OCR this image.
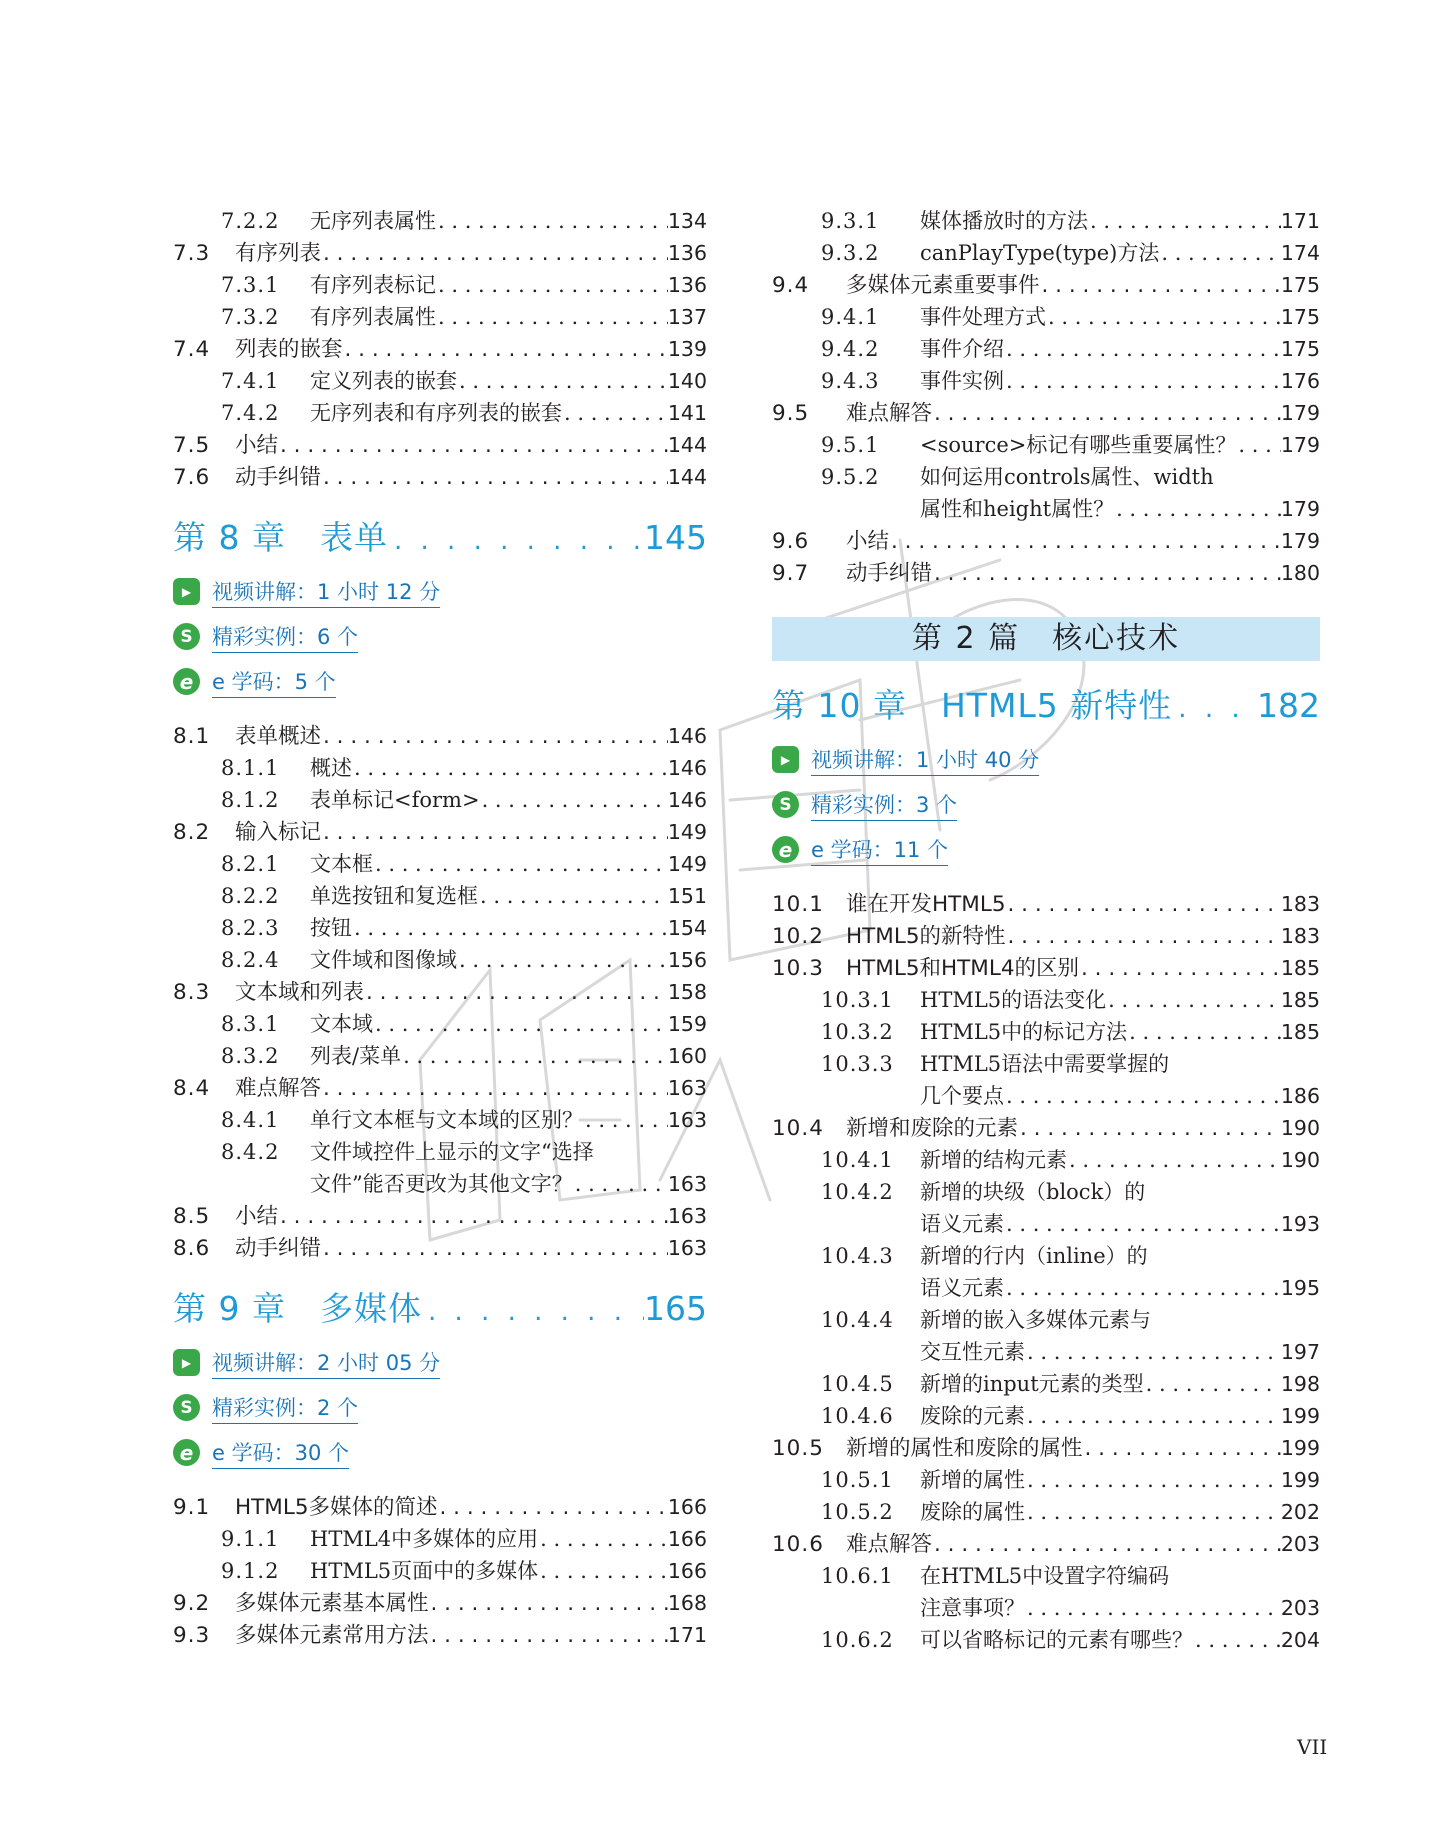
7.2.2	无序列表属性 . . .	134
7.3	有序列表 . . .	136
7.3.1	有序列表标记 . . .	136
7.3.2	有序列表属性 . . .	137
7.4	列表的嵌套 . . .	139
7.4.1	定义列表的嵌套 . . .	140
7.4.2	无序列表和有序列表的嵌套 . . .	141
7.5	小结 . . .	144
7.6	动手纠错 . . .	144
第 8 章　表单 . . .	145
▶ 视频讲解：1 小时 12 分
S 精彩实例：6 个
e e 学码：5 个
8.1	表单概述 . . .	146
8.1.1	概述 . . .	146
8.1.2	表单标记<form> . . .	146
8.2	输入标记 . . .	149
8.2.1	文本框 . . .	149
8.2.2	单选按钮和复选框 . . .	151
8.2.3	按钮 . . .	154
8.2.4	文件域和图像域 . . .	156
8.3	文本域和列表 . . .	158
8.3.1	文本域 . . .	159
8.3.2	列表/菜单 . . .	160
8.4	难点解答 . . .	163
8.4.1	单行文本框与文本域的区别？ . . .	163
8.4.2	文件域控件上显示的文字“选择
文件”能否更改为其他文字？ . . .	163
8.5	小结 . . .	163
8.6	动手纠错 . . .	163
第 9 章　多媒体 . . .	165
▶ 视频讲解：2 小时 05 分
S 精彩实例：2 个
e e 学码：30 个
9.1	HTML5多媒体的简述 . . .	166
9.1.1	HTML4中多媒体的应用 . . .	166
9.1.2	HTML5页面中的多媒体 . . .	166
9.2	多媒体元素基本属性 . . .	168
9.3	多媒体元素常用方法 . . .	171
9.3.1	媒体播放时的方法 . . .	171
9.3.2	canPlayType(type)方法 . . .	174
9.4	多媒体元素重要事件 . . .	175
9.4.1	事件处理方式 . . .	175
9.4.2	事件介绍 . . .	175
9.4.3	事件实例 . . .	176
9.5	难点解答 . . .	179
9.5.1	<source>标记有哪些重要属性？ . . . 179
9.5.2	如何运用controls属性、width
属性和height属性？ . . .	179
9.6	小结 . . .	179
9.7	动手纠错 . . .	180
第 2 篇　核心技术
第 10 章　HTML5 新特性 . . .	182
▶ 视频讲解：1 小时 40 分
S 精彩实例：3 个
e e 学码：11 个
10.1	谁在开发HTML5 . . .	183
10.2	HTML5的新特性 . . .	183
10.3	HTML5和HTML4的区别 . . .	185
10.3.1	HTML5的语法变化 . . .	185
10.3.2	HTML5中的标记方法 . . .	185
10.3.3	HTML5语法中需要掌握的
几个要点 . . .	186
10.4	新增和废除的元素 . . .	190
10.4.1	新增的结构元素 . . .	190
10.4.2	新增的块级（block）的
语义元素 . . .	193
10.4.3	新增的行内（inline）的
语义元素 . . .	195
10.4.4	新增的嵌入多媒体元素与
交互性元素 . . .	197
10.4.5	新增的input元素的类型 . . .	198
10.4.6	废除的元素 . . .	199
10.5	新增的属性和废除的属性 . . .	199
10.5.1	新增的属性 . . .	199
10.5.2	废除的属性 . . .	202
10.6	难点解答 . . .	203
10.6.1	在HTML5中设置字符编码
注意事项？ . . .	203
10.6.2	可以省略标记的元素有哪些？ . . .	204
VII
